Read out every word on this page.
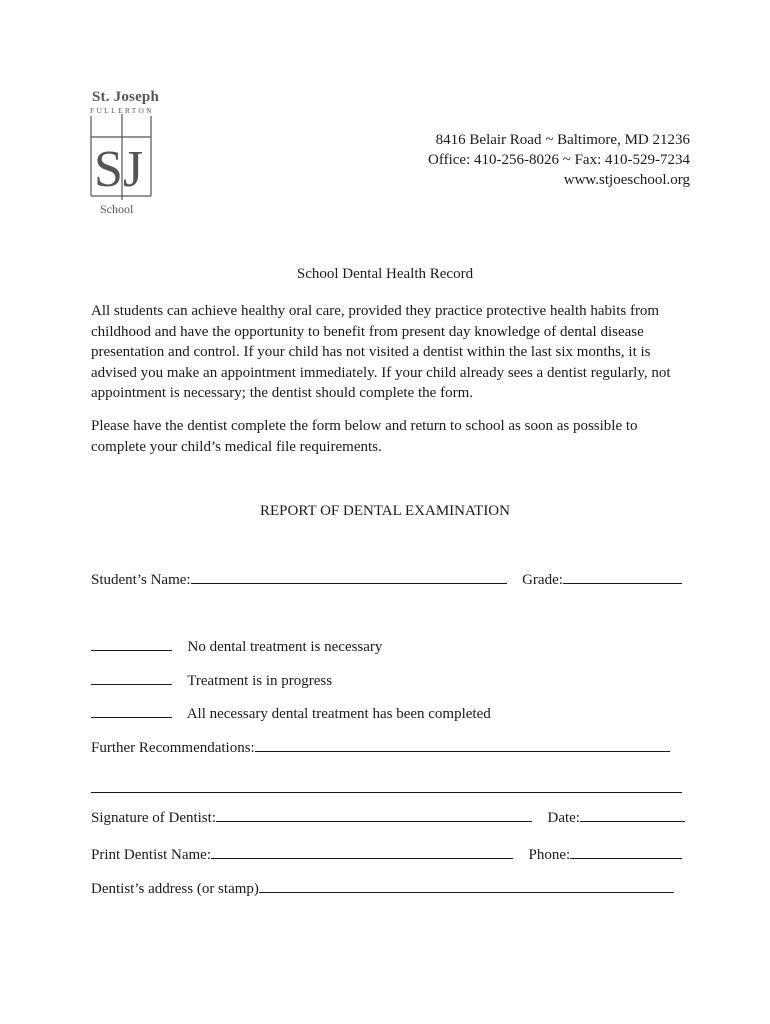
St. Joseph
FULLERTON
SJ
School
8416 Belair Road ~ Baltimore, MD 21236
Office: 410-256-8026 ~ Fax: 410-529-7234
www.stjoeschool.org
School Dental Health Record
All students can achieve healthy oral care, provided they practice protective health habits from childhood and have the opportunity to benefit from present day knowledge of dental disease presentation and control. If your child has not visited a dentist within the last six months, it is advised you make an appointment immediately. If your child already sees a dentist regularly, not appointment is necessary; the dentist should complete the form.
Please have the dentist complete the form below and return to school as soon as possible to complete your child’s medical file requirements.
REPORT OF DENTAL EXAMINATION
Student’s Name:	Grade:
No dental treatment is necessary
Treatment is in progress
All necessary dental treatment has been completed
Further Recommendations:
Signature of Dentist:	Date:
Print Dentist Name:	Phone:
Dentist’s address (or stamp)
